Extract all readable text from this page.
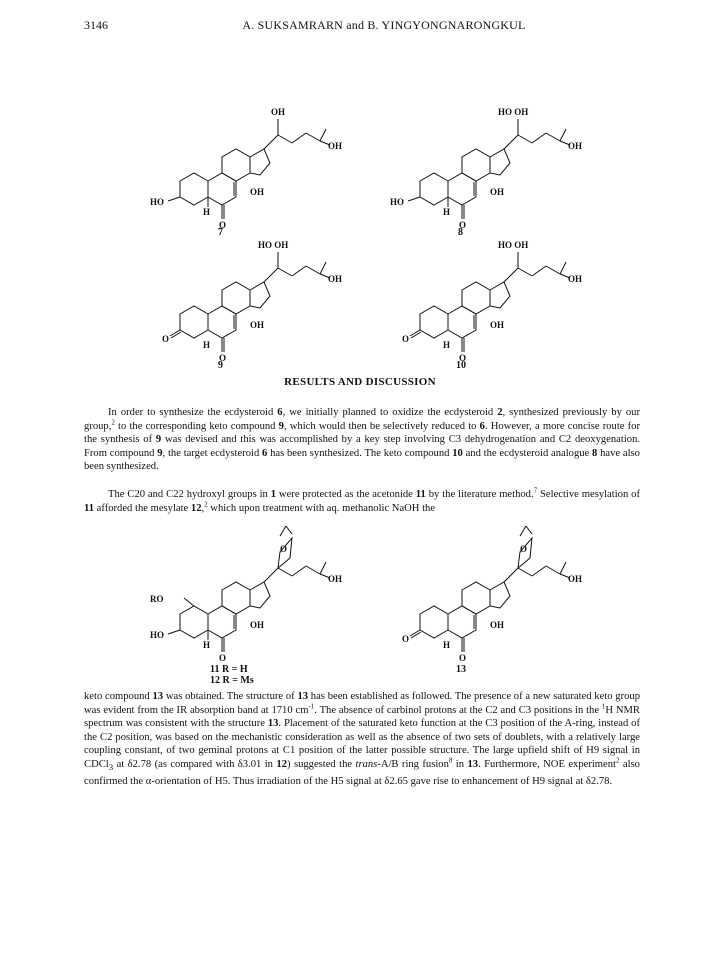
3146	A. SUKSAMRARN and B. YINGYONGNARONGKUL
OH
OH
OH
HO
H
O
7
HO OH
OH
OH
HO
H
O
8
HO OH
OH
OH
O
H
O
9
HO OH
OH
OH
O
H
O
10
RESULTS AND DISCUSSION

In order to synthesize the ecdysteroid 6, we initially planned to oxidize the ecdysteroid 2, synthesized previously by our group,$^2$ to the corresponding keto compound 9, which would then be selectively reduced to 6. However, a more concise route for the synthesis of 9 was devised and this was accomplished by a key step involving C3 dehydrogenation and C2 deoxygenation. From compound 9, the target ecdysteroid 6 has been synthesized. The keto compound 10 and the ecdysteroid analogue 8 have also been synthesized.

The C20 and C22 hydroxyl groups in 1 were protected as the acetonide 11 by the literature method.$^7$ Selective mesylation of 11 afforded the mesylate 12,$^2$ which upon treatment with aq. methanolic NaOH the

O
OH
OH
RO
HO
H
O
11 R = H
12 R = Ms
O
OH
OH
O
H
O
13

keto compound 13 was obtained. The structure of 13 has been established as followed. The presence of a new saturated keto group was evident from the IR absorption band at 1710 $cm^{-1}$. The absence of carbinol protons at the C2 and C3 positions in the $^1$H NMR spectrum was consistent with the structure 13. Placement of the saturated keto function at the C3 position of the A-ring, instead of the C2 position, was based on the mechanistic consideration as well as the absence of two sets of doublets, with a relatively large coupling constant, of two geminal protons at C1 position of the latter possible structure. The large upfield shift of H9 signal in CDCl$_3$ at δ2.78 (as compared with δ3.01 in 12) suggested the trans-A/B ring fusion$^8$ in 13. Furthermore, NOE experiment$^2$ also confirmed the α-orientation of H5. Thus irradiation of the H5 signal at δ2.65 gave rise to enhancement of H9 signal at δ2.78.
